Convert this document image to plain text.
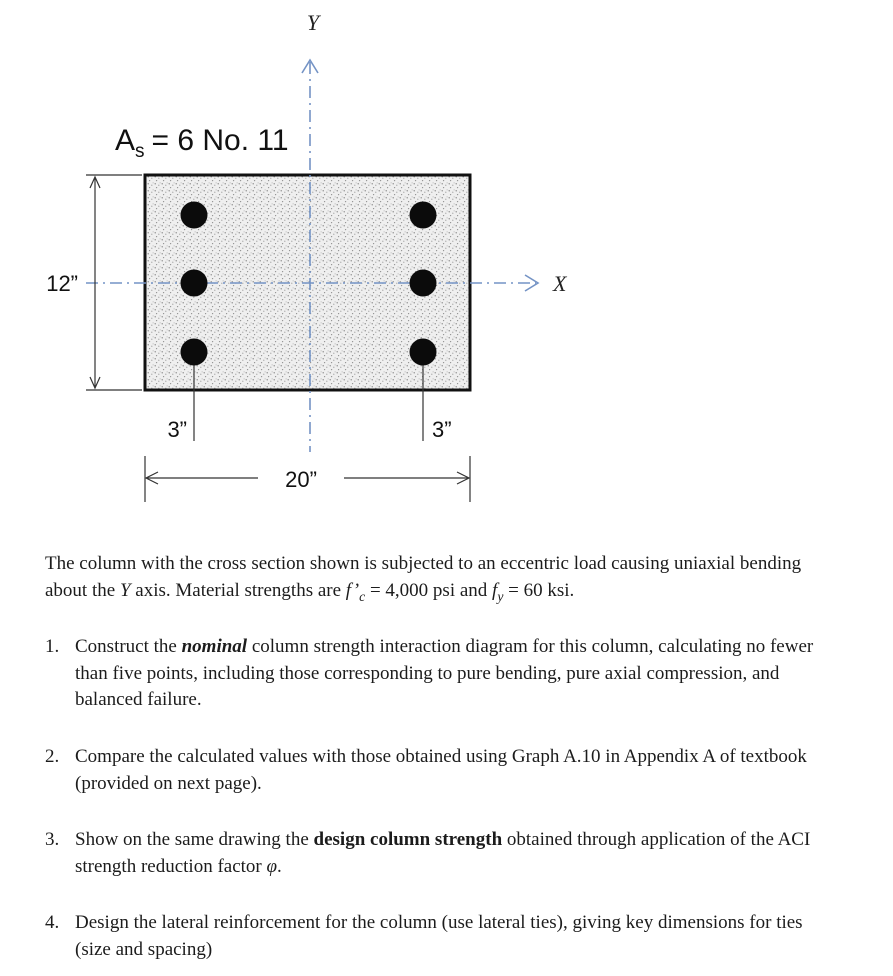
Y
X
12”
3”	3”
20”
$A_s = 6$ No. 11

The column with the cross section shown is subjected to an eccentric load causing uniaxial bending about the Y axis. Material strengths are $f’_c = 4,000$ psi and $f_y = 60$ ksi.

1. Construct the nominal column strength interaction diagram for this column, calculating no fewer than five points, including those corresponding to pure bending, pure axial compression, and balanced failure.
2. Compare the calculated values with those obtained using Graph A.10 in Appendix A of textbook (provided on next page).
3. Show on the same drawing the design column strength obtained through application of the ACI strength reduction factor φ.
4. Design the lateral reinforcement for the column (use lateral ties), giving key dimensions for ties (size and spacing)
